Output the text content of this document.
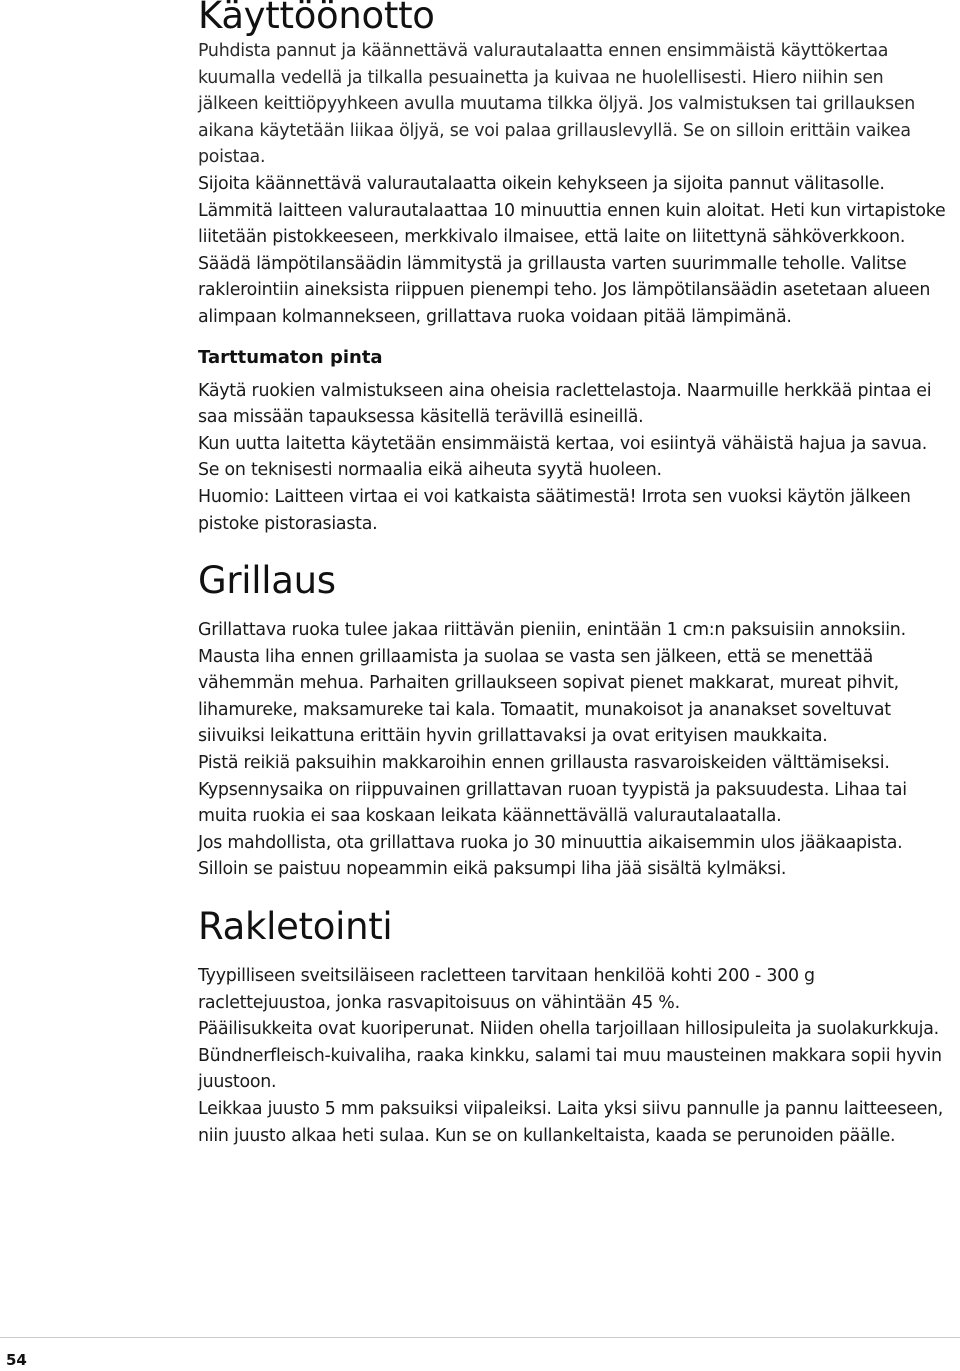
Käyttöönotto

Puhdista pannut ja käännettävä valurautalaatta ennen ensimmäistä käyttökertaa kuumalla vedellä ja tilkalla pesuainetta ja kuivaa ne huolellisesti. Hiero niihin sen jälkeen keittiöpyyhkeen avulla muutama tilkka öljyä. Jos valmistuksen tai grillauksen aikana käytetään liikaa öljyä, se voi palaa grillauslevyllä. Se on silloin erittäin vaikea poistaa.

Sijoita käännettävä valurautalaatta oikein kehykseen ja sijoita pannut välitasolle. Lämmitä laitteen valurautalaattaa 10 minuuttia ennen kuin aloitat. Heti kun virtapistoke liitetään pistokkeeseen, merkkivalo ilmaisee, että laite on liitettynä sähköverkkoon. Säädä lämpötilansäädin lämmitystä ja grillausta varten suurimmalle teholle. Valitse raklerointiin aineksista riippuen pienempi teho. Jos lämpötilansäädin asetetaan alueen alimpaan kolmannekseen, grillattava ruoka voidaan pitää lämpimänä.

Tarttumaton pinta

Käytä ruokien valmistukseen aina oheisia raclettelastoja. Naarmuille herkkää pintaa ei saa missään tapauksessa käsitellä terävillä esineillä.

Kun uutta laitetta käytetään ensimmäistä kertaa, voi esiintyä vähäistä hajua ja savua. Se on teknisesti normaalia eikä aiheuta syytä huoleen.

Huomio: Laitteen virtaa ei voi katkaista säätimestä! Irrota sen vuoksi käytön jälkeen pistoke pistorasiasta.

Grillaus

Grillattava ruoka tulee jakaa riittävän pieniin, enintään 1 cm:n paksuisiin annoksiin. Mausta liha ennen grillaamista ja suolaa se vasta sen jälkeen, että se menettää vähemmän mehua. Parhaiten grillaukseen sopivat pienet makkarat, mureat pihvit, lihamureke, maksamureke tai kala. Tomaatit, munakoisot ja ananakset soveltuvat siivuiksi leikattuna erittäin hyvin grillattavaksi ja ovat erityisen maukkaita.

Pistä reikiä paksuihin makkaroihin ennen grillausta rasvaroiskeiden välttämiseksi. Kypsennysaika on riippuvainen grillattavan ruoan tyypistä ja paksuudesta. Lihaa tai muita ruokia ei saa koskaan leikata käännettävällä valurautalaatalla.

Jos mahdollista, ota grillattava ruoka jo 30 minuuttia aikaisemmin ulos jääkaapista. Silloin se paistuu nopeammin eikä paksumpi liha jää sisältä kylmäksi.

Rakletointi

Tyypilliseen sveitsiläiseen racletteen tarvitaan henkilöä kohti 200 - 300 g raclettejuustoa, jonka rasvapitoisuus on vähintään 45 %.

Pääilisukkeita ovat kuoriperunat. Niiden ohella tarjoillaan hillosipuleita ja suolakurkkuja. Bündnerfleisch-kuivaliha, raaka kinkku, salami tai muu mausteinen makkara sopii hyvin juustoon.

Leikkaa juusto 5 mm paksuiksi viipaleiksi. Laita yksi siivu pannulle ja pannu laitteeseen, niin juusto alkaa heti sulaa. Kun se on kullankeltaista, kaada se perunoiden päälle.

54
